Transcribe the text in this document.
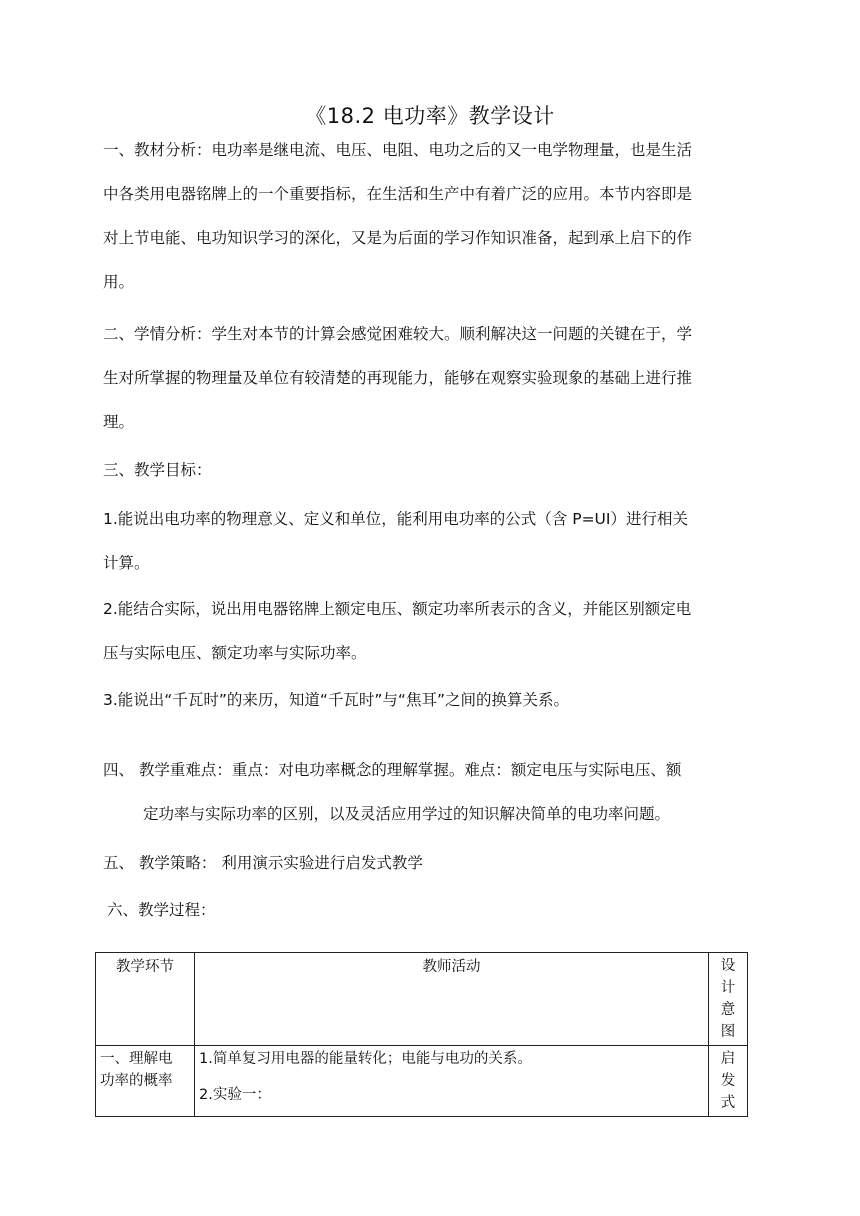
《18.2 电功率》教学设计
一、教材分析：电功率是继电流、电压、电阻、电功之后的又一电学物理量，也是生活
中各类用电器铭牌上的一个重要指标，在生活和生产中有着广泛的应用。本节内容即是
对上节电能、电功知识学习的深化，又是为后面的学习作知识准备，起到承上启下的作
用。
二、学情分析：学生对本节的计算会感觉困难较大。顺利解决这一问题的关键在于，学
生对所掌握的物理量及单位有较清楚的再现能力，能够在观察实验现象的基础上进行推
理。
三、教学目标：
1.能说出电功率的物理意义、定义和单位，能利用电功率的公式（含 P=UI）进行相关
计算。
2.能结合实际，说出用电器铭牌上额定电压、额定功率所表示的含义，并能区别额定电
压与实际电压、额定功率与实际功率。
3.能说出“千瓦时”的来历，知道“千瓦时”与“焦耳”之间的换算关系。
四、 教学重难点：重点：对电功率概念的理解掌握。难点：额定电压与实际电压、额
定功率与实际功率的区别，以及灵活应用学过的知识解决简单的电功率问题。
五、 教学策略： 利用演示实验进行启发式教学
六、教学过程：
教学环节	教师活动	设
计
意
图

一、理解电
功率的概率	1.简单复习用电器的能量转化；电能与电功的关系。
2.实验一：	启
发
式
